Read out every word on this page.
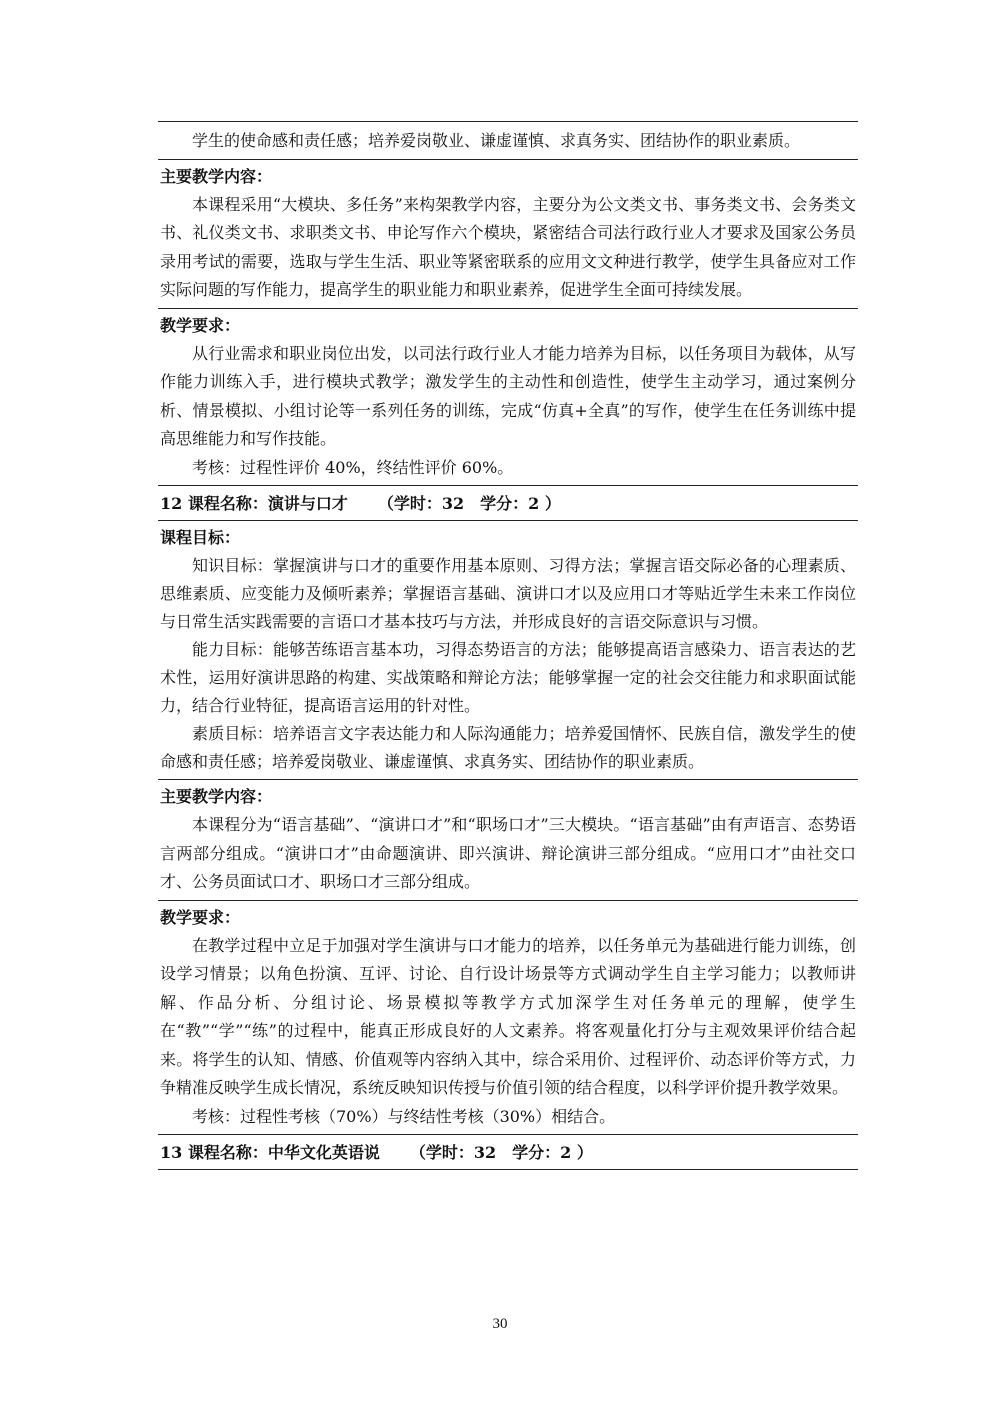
学生的使命感和责任感；培养爱岗敬业、谦虚谨慎、求真务实、团结协作的职业素质。

主要教学内容：

本课程采用“大模块、多任务”来构架教学内容，主要分为公文类文书、事务类文书、会务类文书、礼仪类文书、求职类文书、申论写作六个模块，紧密结合司法行政行业人才要求及国家公务员录用考试的需要，选取与学生生活、职业等紧密联系的应用文文种进行教学，使学生具备应对工作实际问题的写作能力，提高学生的职业能力和职业素养，促进学生全面可持续发展。

教学要求：

从行业需求和职业岗位出发，以司法行政行业人才能力培养为目标，以任务项目为载体，从写作能力训练入手，进行模块式教学；激发学生的主动性和创造性，使学生主动学习，通过案例分析、情景模拟、小组讨论等一系列任务的训练，完成“仿真+全真”的写作，使学生在任务训练中提高思维能力和写作技能。

考核：过程性评价 40%，终结性评价 60%。

12 课程名称：演讲与口才 （学时：32　学分：2 ）
课程目标：

知识目标：掌握演讲与口才的重要作用基本原则、习得方法；掌握言语交际必备的心理素质、思维素质、应变能力及倾听素养；掌握语言基础、演讲口才以及应用口才等贴近学生未来工作岗位与日常生活实践需要的言语口才基本技巧与方法，并形成良好的言语交际意识与习惯。

能力目标：能够苦练语言基本功，习得态势语言的方法；能够提高语言感染力、语言表达的艺术性，运用好演讲思路的构建、实战策略和辩论方法；能够掌握一定的社会交往能力和求职面试能力，结合行业特征，提高语言运用的针对性。

素质目标：培养语言文字表达能力和人际沟通能力；培养爱国情怀、民族自信，激发学生的使命感和责任感；培养爱岗敬业、谦虚谨慎、求真务实、团结协作的职业素质。

主要教学内容：

本课程分为“语言基础”、“演讲口才”和“职场口才”三大模块。“语言基础”由有声语言、态势语言两部分组成。“演讲口才”由命题演讲、即兴演讲、辩论演讲三部分组成。“应用口才”由社交口才、公务员面试口才、职场口才三部分组成。

教学要求：

在教学过程中立足于加强对学生演讲与口才能力的培养，以任务单元为基础进行能力训练，创设学习情景；以角色扮演、互评、讨论、自行设计场景等方式调动学生自主学习能力；以教师讲解、作品分析、分组讨论、场景模拟等教学方式加深学生对任务单元的理解，使学生在“教”“学”“练”的过程中，能真正形成良好的人文素养。将客观量化打分与主观效果评价结合起来。将学生的认知、情感、价值观等内容纳入其中，综合采用价、过程评价、动态评价等方式，力争精准反映学生成长情况，系统反映知识传授与价值引领的结合程度，以科学评价提升教学效果。

考核：过程性考核（70%）与终结性考核（30%）相结合。

13 课程名称：中华文化英语说 （学时：32　学分：2 ）
30
